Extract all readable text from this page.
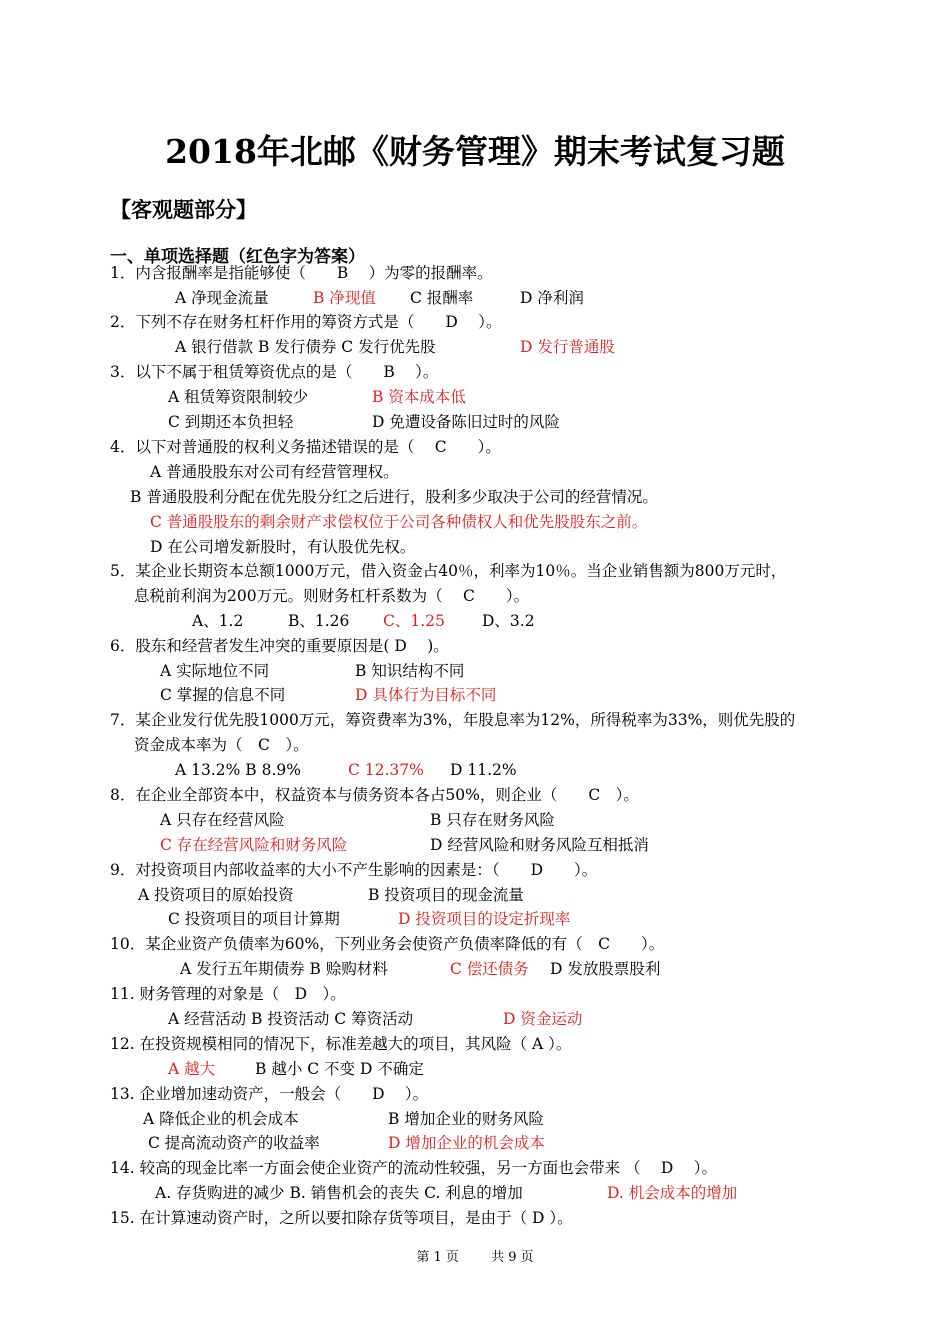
2018年北邮《财务管理》期末考试复习题
【客观题部分】
一、单项选择题（红色字为答案）
1．内含报酬率是指能够使（　　B　 ）为零的报酬率。
A 净现金流量	B 净现值 C 报酬率	D 净利润
2．下列不存在财务杠杆作用的筹资方式是（　　D　 ）。
A 银行借款 B 发行债券 C 发行优先股	D 发行普通股
3．以下不属于租赁筹资优点的是（　　B　 ）。
A 租赁筹资限制较少	B 资本成本低
C 到期还本负担轻	D 免遭设备陈旧过时的风险
4．以下对普通股的权利义务描述错误的是（　 C　　）。
A 普通股股东对公司有经营管理权。
B 普通股股利分配在优先股分红之后进行，股利多少取决于公司的经营情况。
C 普通股股东的剩余财产求偿权位于公司各种债权人和优先股股东之前。
D 在公司增发新股时，有认股优先权。
5．某企业长期资本总额1000万元，借入资金占40％，利率为10％。当企业销售额为800万元时，
息税前利润为200万元。则财务杠杆系数为（　 C　　）。
A、1.2	B、1.26 C、1.25 D、3.2
6．股东和经营者发生冲突的重要原因是( D　 )。
A 实际地位不同	B 知识结构不同
C 掌握的信息不同	D 具体行为目标不同
7．某企业发行优先股1000万元，筹资费率为3%，年股息率为12%，所得税率为33%，则优先股的
资金成本率为（　C　）。
A 13.2% B 8.9%	C 12.37% D 11.2%
8．在企业全部资本中，权益资本与债务资本各占50%，则企业（　　C　）。
A 只存在经营风险	B 只存在财务风险
C 存在经营风险和财务风险	D 经营风险和财务风险互相抵消
9．对投资项目内部收益率的大小不产生影响的因素是：（　　D　　）。
A 投资项目的原始投资	B 投资项目的现金流量
C 投资项目的项目计算期	D 投资项目的设定折现率
10．某企业资产负债率为60%，下列业务会使资产负债率降低的有（　C　　）。
A 发行五年期债券 B 赊购材料	C 偿还债务 D 发放股票股利
11. 财务管理的对象是（　D　）。
A 经营活动 B 投资活动 C 筹资活动	D 资金运动
12. 在投资规模相同的情况下，标准差越大的项目，其风险（ A ）。
A 越大	B 越小 C 不变 D 不确定
13. 企业增加速动资产，一般会（　　D　 ）。
A 降低企业的机会成本	B 增加企业的财务风险
C 提高流动资产的收益率	D 增加企业的机会成本
14. 较高的现金比率一方面会使企业资产的流动性较强，另一方面也会带来 （　 D　 ）。
A. 存货购进的减少 B. 销售机会的丧失 C. 利息的增加	D. 机会成本的增加
15. 在计算速动资产时，之所以要扣除存货等项目，是由于（ D ）。
第 1 页 共 9 页
